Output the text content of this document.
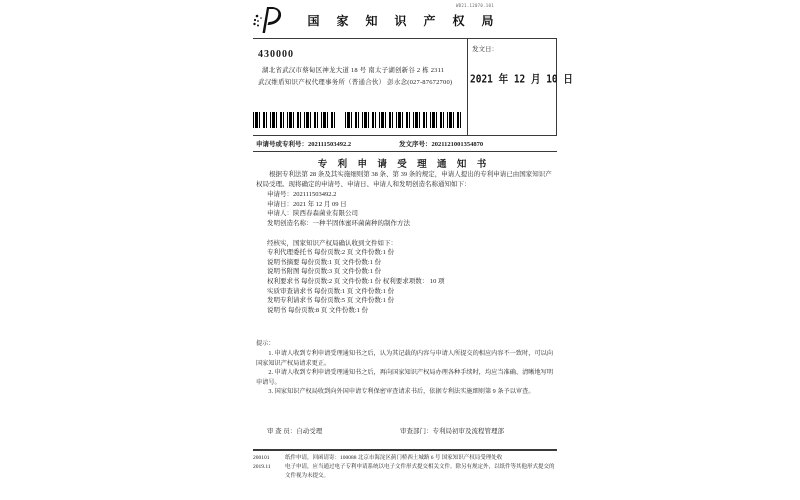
国 家 知 识 产 权 局
WD21.12070.101
430000
湖北省武汉市蔡甸区神龙大道 18 号 南太子湖创新谷 2 栋 2311
武汉维盾知识产权代理事务所（普通合伙） 彭水念(027-87672700)
发文日：
2021 年 12 月 10 日
申请号或专利号：202111503492.2	发文序号：2021121001354870
专 利 申 请 受 理 通 知 书

根据专利法第 28 条及其实施细则第 38 条、第 39 条的规定，申请人提出的专利申请已由国家知识产权局受理。现将确定的申请号、申请日、申请人和发明创造名称通知如下：

申请号：202111503492.2

申请日：2021 年 12 月 09 日

申请人：陕西春森菌业有限公司

发明创造名称：一种半固体蜜环菌菌种的制作方法

经核实，国家知识产权局确认收到文件如下：

专利代理委托书 每份页数:2 页 文件份数:1 份

说明书摘要 每份页数:1 页 文件份数:1 份

说明书附图 每份页数:3 页 文件份数:1 份

权利要求书 每份页数:2 页 文件份数:1 份 权利要求项数： 10 项

实质审查请求书 每份页数:1 页 文件份数:1 份

发明专利请求书 每份页数:5 页 文件份数:1 份

说明书 每份页数:8 页 文件份数:1 份

提示：

1. 申请人收到专利申请受理通知书之后，认为其记载的内容与申请人所提交的相应内容不一致时，可以向国家知识产权局请求更正。

2. 申请人收到专利申请受理通知书之后，再向国家知识产权局办理各种手续时，均应当准确、清晰地写明申请号。

3. 国家知识产权局收到向外国申请专利保密审查请求书后，依据专利法实施细则第 9 条予以审查。

审 查 员：自动受理	审查部门：专利局初审及流程管理部
200101
2019.11
纸件申请，回函请寄：100088 北京市海淀区蓟门桥西土城路 6 号 国家知识产权局受理处收
电子申请，应当通过电子专利申请系统以电子文件形式提交相关文件。除另有规定外，以纸件等其他形式提交的文件视为未提交。
